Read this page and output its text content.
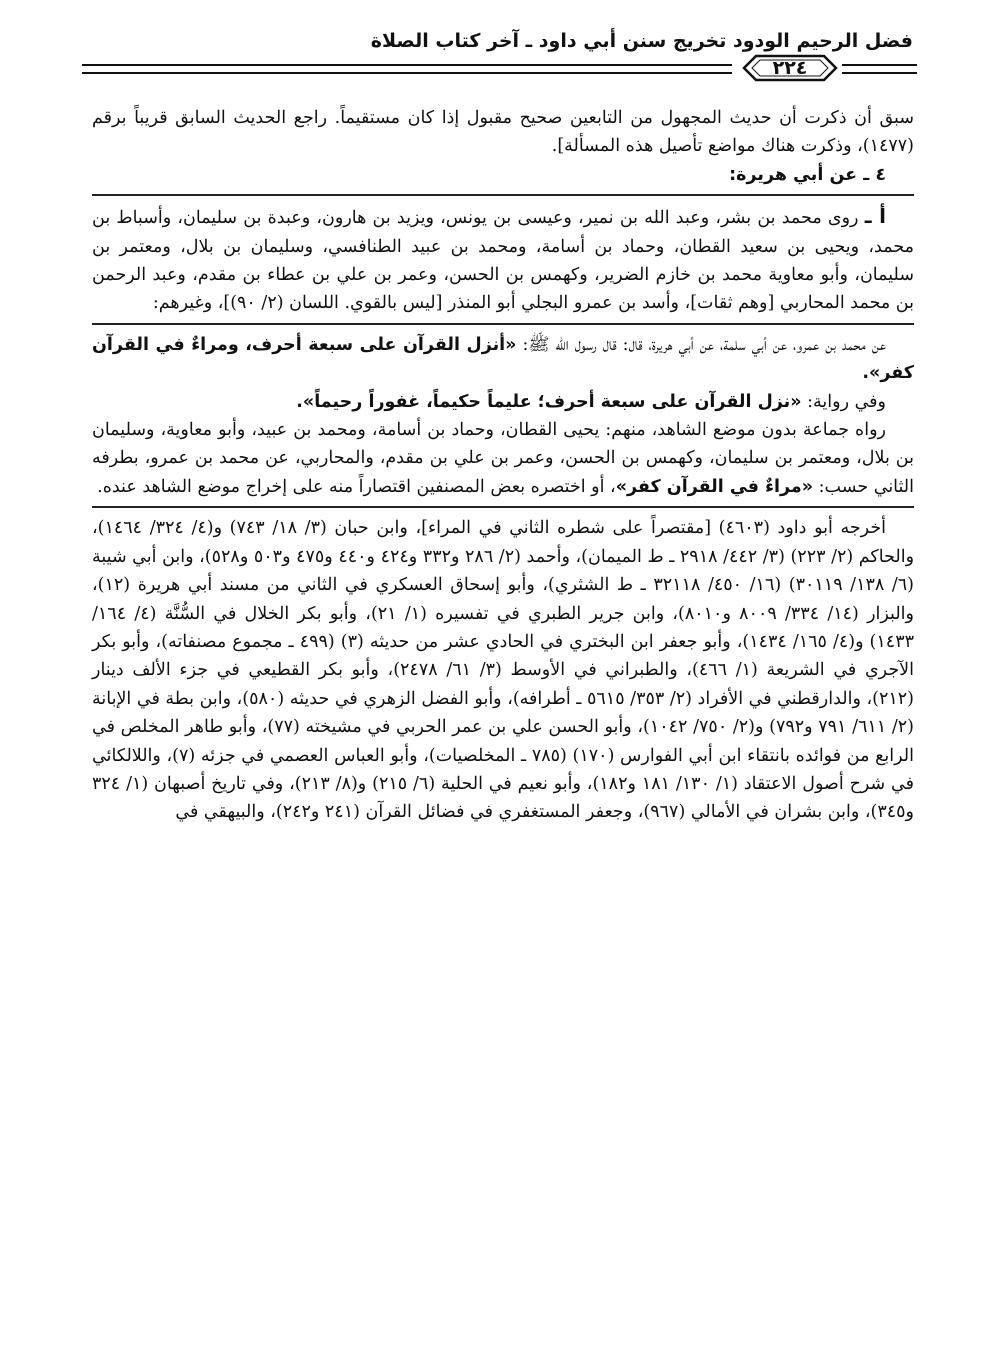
فضل الرحيم الودود تخريج سنن أبي داود ـ آخر كتاب الصلاة
٢٢٤

سبق أن ذكرت أن حديث المجهول من التابعين صحيح مقبول إذا كان مستقيماً. راجع الحديث السابق قريباً برقم (١٤٧٧)، وذكرت هناك مواضع تأصيل هذه المسألة].

٤ ـ عن أبي هريرة:

أ ـ روى محمد بن بشر، وعبد الله بن نمير، وعيسى بن يونس، ويزيد بن هارون، وعبدة بن سليمان، وأسباط بن محمد، ويحيى بن سعيد القطان، وحماد بن أسامة، ومحمد بن عبيد الطنافسي، وسليمان بن بلال، ومعتمر بن سليمان، وأبو معاوية محمد بن خازم الضرير، وكهمس بن الحسن، وعمر بن علي بن عطاء بن مقدم، وعبد الرحمن بن محمد المحاربي [وهم ثقات]، وأسد بن عمرو البجلي أبو المنذر [ليس بالقوي. اللسان (٢/ ٩٠)]، وغيرهم:

عن محمد بن عمرو، عن أبي سلمة، عن أبي هريرة، قال: قال رسول الله ﷺ: «أنزل القرآن على سبعة أحرف، ومراءٌ في القرآن كفر».

وفي رواية: «نزل القرآن على سبعة أحرف؛ عليماً حكيماً، غفوراً رحيماً».

رواه جماعة بدون موضع الشاهد، منهم: يحيى القطان، وحماد بن أسامة، ومحمد بن عبيد، وأبو معاوية، وسليمان بن بلال، ومعتمر بن سليمان، وكهمس بن الحسن، وعمر بن علي بن مقدم، والمحاربي، عن محمد بن عمرو، بطرفه الثاني حسب: «مراءٌ في القرآن كفر»، أو اختصره بعض المصنفين اقتصاراً منه على إخراج موضع الشاهد عنده.

أخرجه أبو داود (٤٦٠٣) [مقتصراً على شطره الثاني في المراء]، وابن حبان (٣/ ١٨/ ٧٤٣) و(٤/ ٣٢٤/ ١٤٦٤)، والحاكم (٢/ ٢٢٣) (٣/ ٤٤٢/ ٢٩١٨ ـ ط الميمان)، وأحمد (٢/ ٢٨٦ و٣٣٢ و٤٢٤ و٤٤٠ و٤٧٥ و٥٠٣ و٥٢٨)، وابن أبي شيبة (٦/ ١٣٨/ ٣٠١١٩) (١٦/ ٤٥٠/ ٣٢١١٨ ـ ط الشثري)، وأبو إسحاق العسكري في الثاني من مسند أبي هريرة (١٢)، والبزار (١٤/ ٣٣٤/ ٨٠٠٩ و٨٠١٠)، وابن جرير الطبري في تفسيره (١/ ٢١)، وأبو بكر الخلال في السُّنَّة (٤/ ١٦٤/ ١٤٣٣) و(٤/ ١٦٥/ ١٤٣٤)، وأبو جعفر ابن البختري في الحادي عشر من حديثه (٣) (٤٩٩ ـ مجموع مصنفاته)، وأبو بكر الآجري في الشريعة (١/ ٤٦٦)، والطبراني في الأوسط (٣/ ٦١/ ٢٤٧٨)، وأبو بكر القطيعي في جزء الألف دينار (٢١٢)، والدارقطني في الأفراد (٢/ ٣٥٣/ ٥٦١٥ ـ أطرافه)، وأبو الفضل الزهري في حديثه (٥٨٠)، وابن بطة في الإبانة (٢/ ٦١١/ ٧٩١ و٧٩٢) و(٢/ ٧٥٠/ ١٠٤٢)، وأبو الحسن علي بن عمر الحربي في مشيخته (٧٧)، وأبو طاهر المخلص في الرابع من فوائده بانتقاء ابن أبي الفوارس (١٧٠) (٧٨٥ ـ المخلصيات)، وأبو العباس العصمي في جزئه (٧)، واللالكائي في شرح أصول الاعتقاد (١/ ١٣٠/ ١٨١ و١٨٢)، وأبو نعيم في الحلية (٦/ ٢١٥) و(٨/ ٢١٣)، وفي تاريخ أصبهان (١/ ٣٢٤ و٣٤٥)، وابن بشران في الأمالي (٩٦٧)، وجعفر المستغفري في فضائل القرآن (٢٤١ و٢٤٢)، والبيهقي في
